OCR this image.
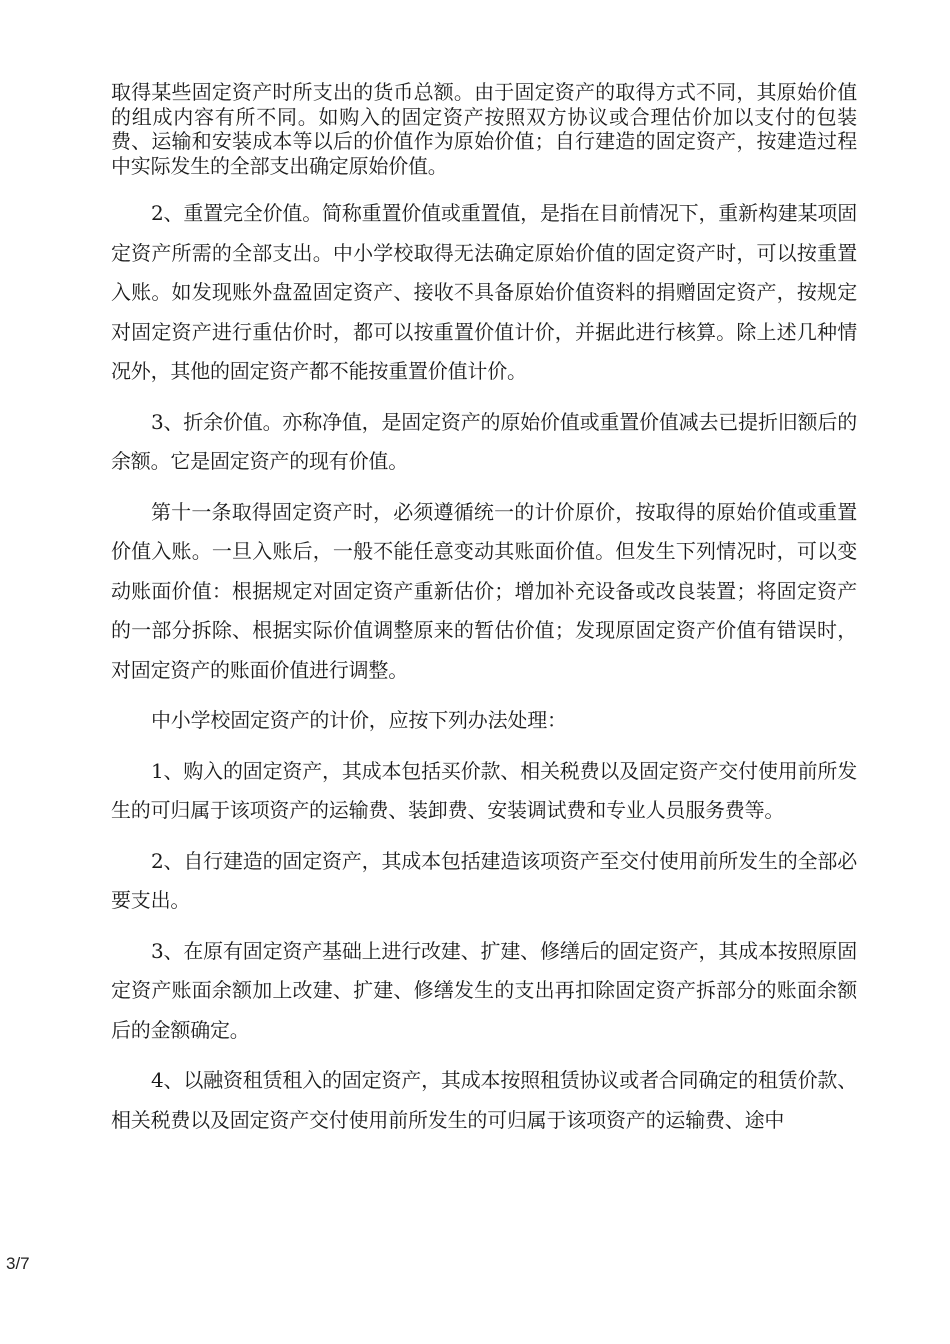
取得某些固定资产时所支出的货币总额。由于固定资产的取得方式不同，其原始价值的组成内容有所不同。如购入的固定资产按照双方协议或合理估价加以支付的包装费、运输和安装成本等以后的价值作为原始价值；自行建造的固定资产，按建造过程中实际发生的全部支出确定原始价值。

2、重置完全价值。简称重置价值或重置值，是指在目前情况下，重新构建某项固定资产所需的全部支出。中小学校取得无法确定原始价值的固定资产时，可以按重置入账。如发现账外盘盈固定资产、接收不具备原始价值资料的捐赠固定资产，按规定对固定资产进行重估价时，都可以按重置价值计价，并据此进行核算。除上述几种情况外，其他的固定资产都不能按重置价值计价。

3、折余价值。亦称净值，是固定资产的原始价值或重置价值减去已提折旧额后的余额。它是固定资产的现有价值。

第十一条取得固定资产时，必须遵循统一的计价原价，按取得的原始价值或重置价值入账。一旦入账后，一般不能任意变动其账面价值。但发生下列情况时，可以变动账面价值：根据规定对固定资产重新估价；增加补充设备或改良装置；将固定资产的一部分拆除、根据实际价值调整原来的暂估价值；发现原固定资产价值有错误时，对固定资产的账面价值进行调整。

中小学校固定资产的计价，应按下列办法处理：

1、购入的固定资产，其成本包括买价款、相关税费以及固定资产交付使用前所发生的可归属于该项资产的运输费、装卸费、安装调试费和专业人员服务费等。

2、自行建造的固定资产，其成本包括建造该项资产至交付使用前所发生的全部必要支出。

3、在原有固定资产基础上进行改建、扩建、修缮后的固定资产，其成本按照原固定资产账面余额加上改建、扩建、修缮发生的支出再扣除固定资产拆部分的账面余额后的金额确定。

4、以融资租赁租入的固定资产，其成本按照租赁协议或者合同确定的租赁价款、相关税费以及固定资产交付使用前所发生的可归属于该项资产的运输费、途中

3/7
